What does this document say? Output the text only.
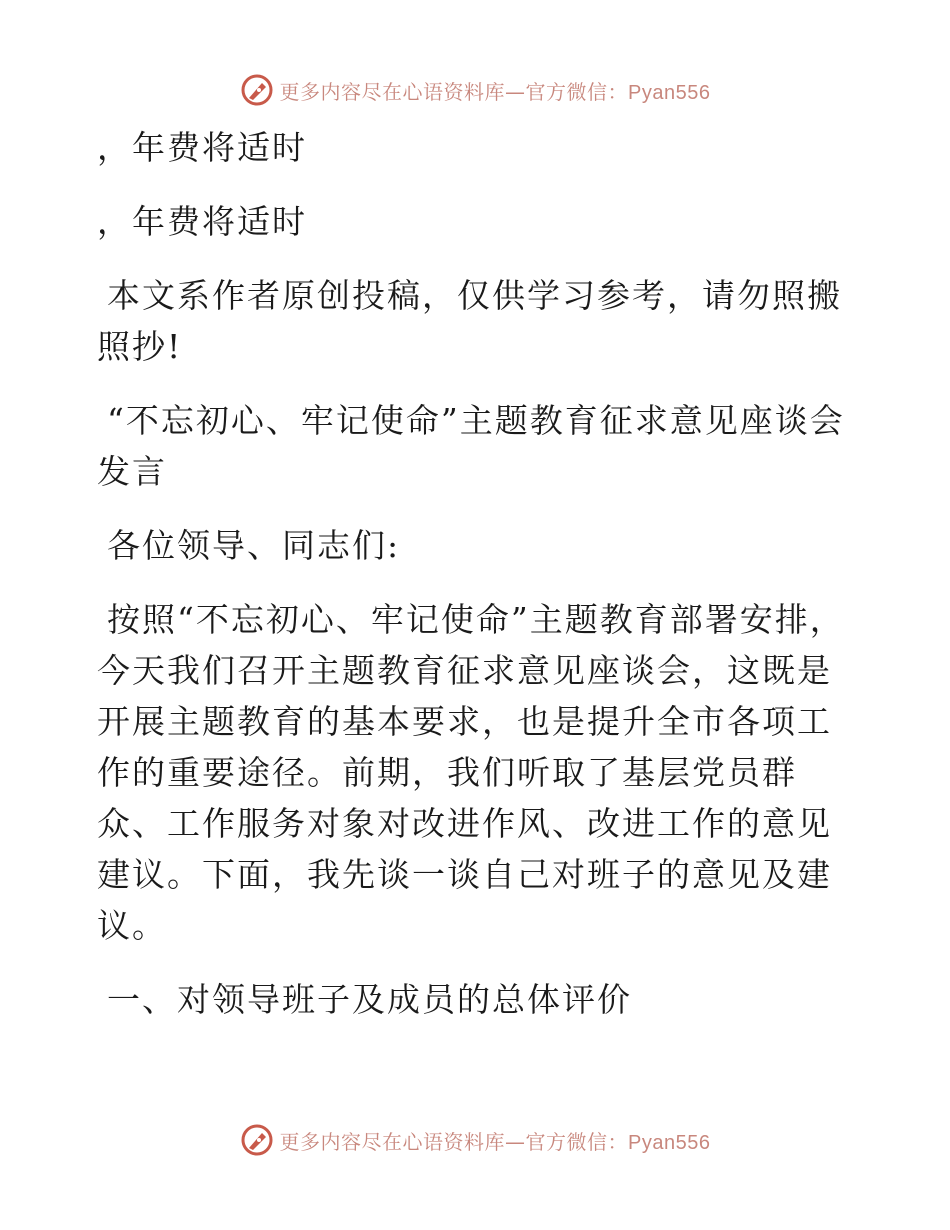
更多内容尽在心语资料库—官方微信：Pyan556

，年费将适时

，年费将适时

本文系作者原创投稿，仅供学习参考，请勿照搬照抄!

“不忘初心、牢记使命”主题教育征求意见座谈会发言

各位领导、同志们:

按照“不忘初心、牢记使命”主题教育部署安排，今天我们召开主题教育征求意见座谈会，这既是开展主题教育的基本要求，也是提升全市各项工作的重要途径。前期，我们听取了基层党员群众、工作服务对象对改进作风、改进工作的意见建议。下面，我先谈一谈自己对班子的意见及建议。

一、对领导班子及成员的总体评价

更多内容尽在心语资料库—官方微信：Pyan556
